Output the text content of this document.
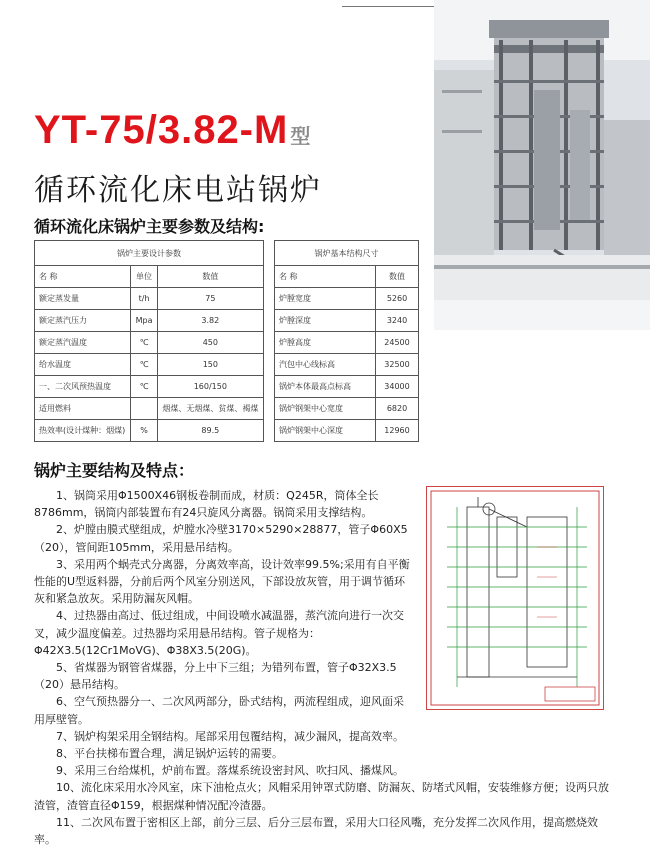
YT-75/3.82-M 型
循环流化床电站锅炉
循环流化床锅炉主要参数及结构:
锅炉主要设计参数		
名 称	单位	数值
额定蒸发量	t/h	75
额定蒸汽压力	Mpa	3.82
额定蒸汽温度	℃	450
给水温度	℃	150
一、二次风预热温度	℃	160/150
适用燃料		烟煤、无烟煤、贫煤、褐煤
热效率(设计煤种：烟煤)	%	89.5
锅炉基本结构尺寸	
名 称	数值
炉膛宽度	5260
炉膛深度	3240
炉膛高度	24500
汽包中心线标高	32500
锅炉本体最高点标高	34000
锅炉钢架中心宽度	6820
锅炉钢架中心深度	12960
锅炉主要结构及特点：

1、锅筒采用Φ1500X46钢板卷制而成，材质：Q245R，筒体全长8786mm，锅筒内部装置布有24只旋风分离器。锅筒采用支撑结构。

2、炉膛由膜式壁组成，炉膛水冷壁3170×5290×28877，管子Φ60X5（20），管间距105mm，采用悬吊结构。

3、采用两个蜗壳式分离器，分离效率高，设计效率99.5%;采用有自平衡性能的U型返料器，分前后两个风室分别送风，下部设放灰管，用于调节循环灰和紧急放灰。采用防漏灰风帽。

4、过热器由高过、低过组成，中间设喷水减温器，蒸汽流向进行一次交叉，减少温度偏差。过热器均采用悬吊结构。管子规格为：Φ42X3.5(12Cr1MoVG)、Φ38X3.5(20G)。

5、省煤器为钢管省煤器，分上中下三组；为错列布置，管子Φ32X3.5（20）悬吊结构。

6、空气预热器分一、二次风两部分，卧式结构，两流程组成，迎风面采用厚壁管。

7、锅炉构架采用全钢结构。尾部采用包覆结构，减少漏风，提高效率。

8、平台扶梯布置合理，满足锅炉运转的需要。

9、采用三台给煤机，炉前布置。落煤系统设密封风、吹扫风、播煤风。

10、流化床采用水冷风室，床下油枪点火；风帽采用钟罩式防磨、防漏灰、防堵式风帽，安装维修方便；设两只放渣管，渣管直径Φ159，根据煤种情况配冷渣器。

11、二次风布置于密相区上部，前分三层、后分三层布置，采用大口径风嘴，充分发挥二次风作用，提高燃烧效率。
